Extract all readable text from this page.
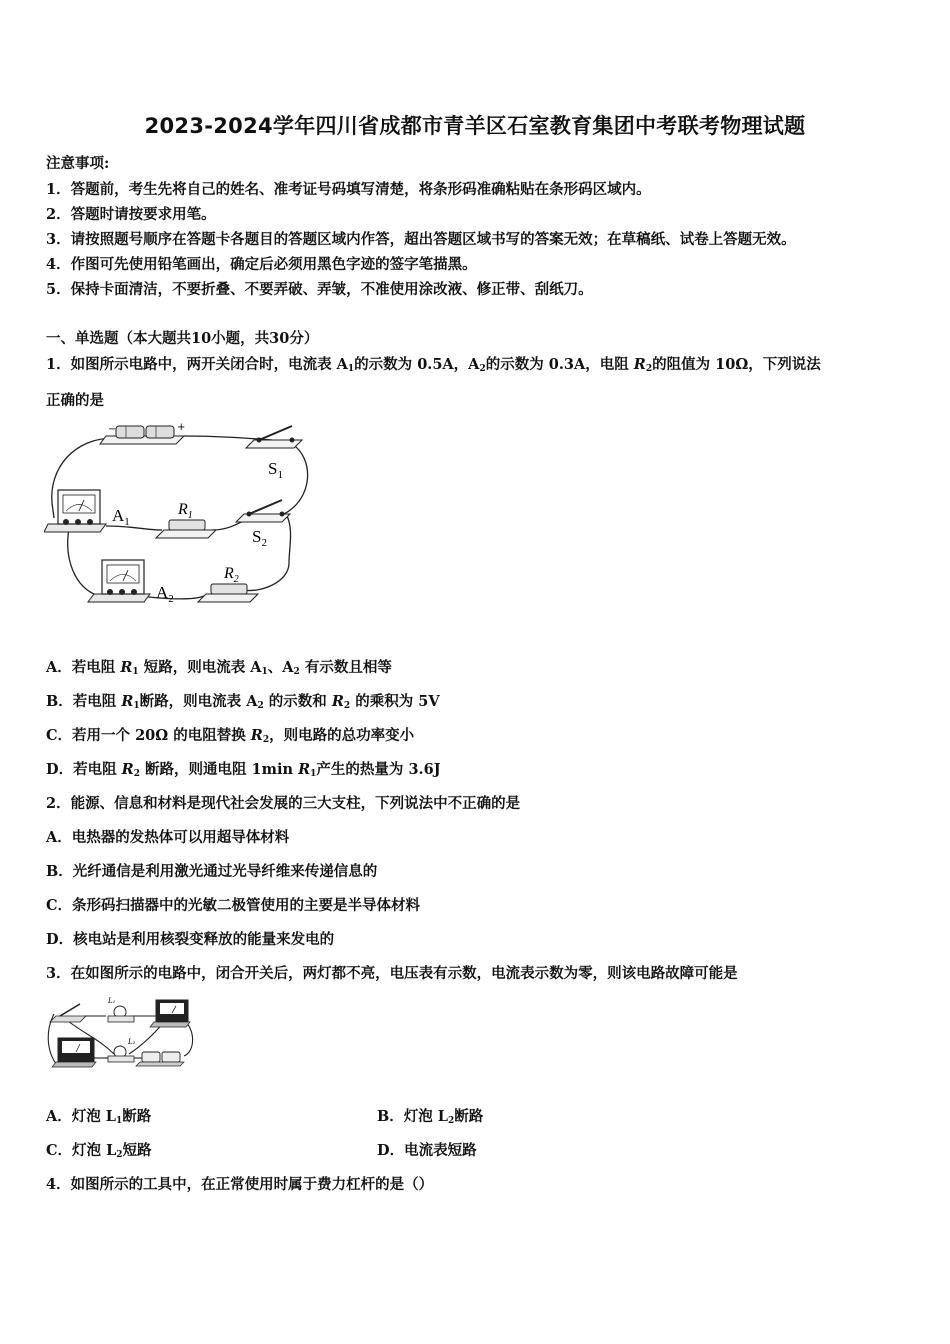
2023-2024学年四川省成都市青羊区石室教育集团中考联考物理试题
注意事项:
1．答题前，考生先将自己的姓名、准考证号码填写清楚，将条形码准确粘贴在条形码区域内。
2．答题时请按要求用笔。
3．请按照题号顺序在答题卡各题目的答题区域内作答，超出答题区域书写的答案无效；在草稿纸、试卷上答题无效。
4．作图可先使用铅笔画出，确定后必须用黑色字迹的签字笔描黑。
5．保持卡面清洁，不要折叠、不要弄破、弄皱，不准使用涂改液、修正带、刮纸刀。
一、单选题（本大题共10小题，共30分）
1．如图所示电路中，两开关闭合时，电流表 $A_1$的示数为 0.5A，$A_2$的示数为 0.3A，电阻 $R_2$的阻值为 10Ω，下列说法
正确的是
−	+
$S_1$
$S_2$
$A_1$
$R_1$
$A_2$
$R_2$
A．若电阻 $R_1$ 短路，则电流表 $A_1$、$A_2$ 有示数且相等
B．若电阻 $R_1$断路，则电流表 $A_2$ 的示数和 $R_2$ 的乘积为 5V
C．若用一个 20Ω 的电阻替换 $R_2$，则电路的总功率变小
D．若电阻 $R_2$ 断路，则通电阻 1min $R_1$产生的热量为 3.6J
2．能源、信息和材料是现代社会发展的三大支柱，下列说法中不正确的是
A．电热器的发热体可以用超导体材料
B．光纤通信是利用激光通过光导纤维来传递信息的
C．条形码扫描器中的光敏二极管使用的主要是半导体材料
D．核电站是利用核裂变释放的能量来发电的
3．在如图所示的电路中，闭合开关后，两灯都不亮，电压表有示数，电流表示数为零，则该电路故障可能是
L₁
L₂
A．灯泡 $L_1$断路	B．灯泡 $L_2$断路
C．灯泡 $L_2$短路	D．电流表短路
4．如图所示的工具中，在正常使用时属于费力杠杆的是（）
